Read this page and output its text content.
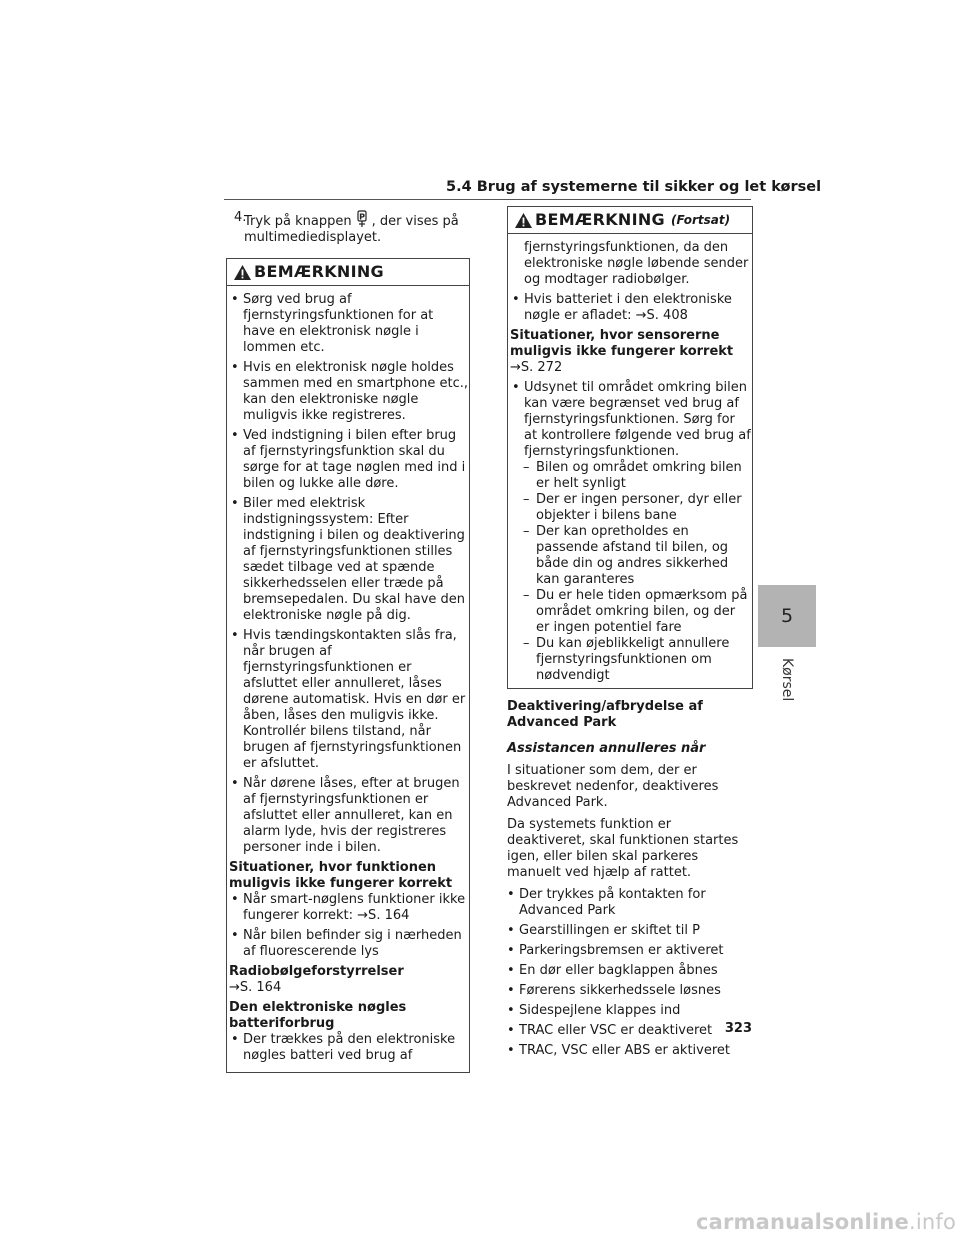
5.4 Brug af systemerne til sikker og let kørsel
4.
Tryk på knappen P , der vises på multimediedisplayet.
BEMÆRKNING
• Sørg ved brug af fjernstyringsfunktionen for at have en elektronisk nøgle i lommen etc.
• Hvis en elektronisk nøgle holdes sammen med en smartphone etc., kan den elektroniske nøgle muligvis ikke registreres.
• Ved indstigning i bilen efter brug af fjernstyringsfunktion skal du sørge for at tage nøglen med ind i bilen og lukke alle døre.
• Biler med elektrisk indstigningssystem: Efter indstigning i bilen og deaktivering af fjernstyringsfunktionen stilles sædet tilbage ved at spænde sikkerhedsselen eller træde på bremsepedalen. Du skal have den elektroniske nøgle på dig.
• Hvis tændingskontakten slås fra, når brugen af fjernstyringsfunktionen er afsluttet eller annulleret, låses dørene automatisk. Hvis en dør er åben, låses den muligvis ikke. Kontrollér bilens tilstand, når brugen af fjernstyringsfunktionen er afsluttet.
• Når dørene låses, efter at brugen af fjernstyringsfunktionen er afsluttet eller annulleret, kan en alarm lyde, hvis der registreres personer inde i bilen.
Situationer, hvor funktionen muligvis ikke fungerer korrekt
• Når smart-nøglens funktioner ikke fungerer korrekt: →S. 164
• Når bilen befinder sig i nærheden af fluorescerende lys
Radiobølgeforstyrrelser
→S. 164
Den elektroniske nøgles batteriforbrug
• Der trækkes på den elektroniske nøgles batteri ved brug af
BEMÆRKNING (Fortsat)
fjernstyringsfunktionen, da den elektroniske nøgle løbende sender og modtager radiobølger.
• Hvis batteriet i den elektroniske nøgle er afladet: →S. 408
Situationer, hvor sensorerne muligvis ikke fungerer korrekt
→S. 272
• Udsynet til området omkring bilen kan være begrænset ved brug af fjernstyringsfunktionen. Sørg for at kontrollere følgende ved brug af fjernstyringsfunktionen.
– Bilen og området omkring bilen er helt synligt
– Der er ingen personer, dyr eller objekter i bilens bane
– Der kan opretholdes en passende afstand til bilen, og både din og andres sikkerhed kan garanteres
– Du er hele tiden opmærksom på området omkring bilen, og der er ingen potentiel fare
– Du kan øjeblikkeligt annullere fjernstyringsfunktionen om nødvendigt
Deaktivering/afbrydelse af Advanced Park
Assistancen annulleres når
I situationer som dem, der er beskrevet nedenfor, deaktiveres Advanced Park.
Da systemets funktion er deaktiveret, skal funktionen startes igen, eller bilen skal parkeres manuelt ved hjælp af rattet.
• Der trykkes på kontakten for Advanced Park
• Gearstillingen er skiftet til P
• Parkeringsbremsen er aktiveret
• En dør eller bagklappen åbnes
• Førerens sikkerhedssele løsnes
• Sidespejlene klappes ind
• TRAC eller VSC er deaktiveret
• TRAC, VSC eller ABS er aktiveret
5
Kørsel
323
carmanualsonline.info
